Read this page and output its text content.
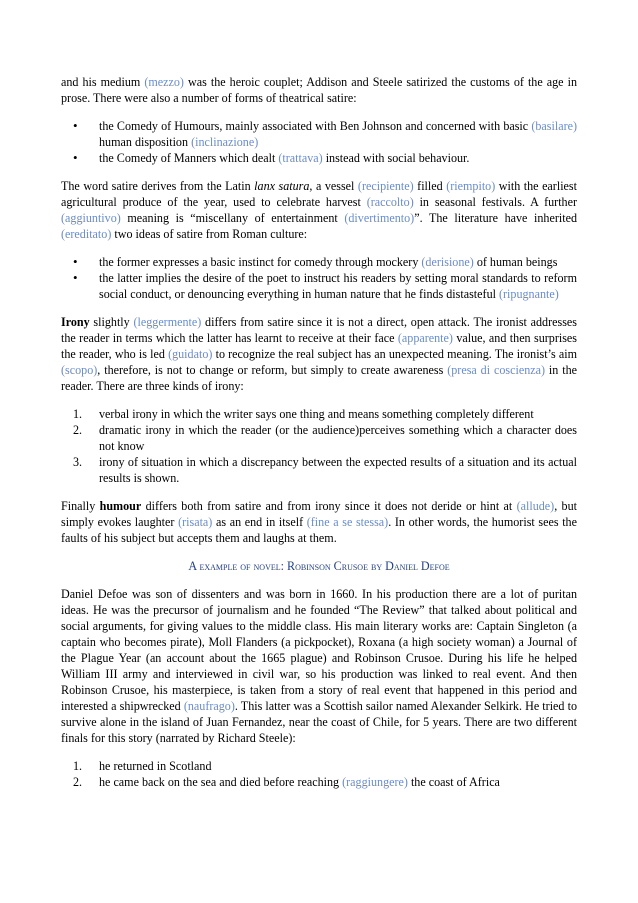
and his medium (mezzo) was the heroic couplet; Addison and Steele satirized the customs of the age in prose. There were also a number of forms of theatrical satire:

• the Comedy of Humours, mainly associated with Ben Johnson and concerned with basic (basilare) human disposition (inclinazione)
• the Comedy of Manners which dealt (trattava) instead with social behaviour.

The word satire derives from the Latin lanx satura, a vessel (recipiente) filled (riempito) with the earliest agricultural produce of the year, used to celebrate harvest (raccolto) in seasonal festivals. A further (aggiuntivo) meaning is “miscellany of entertainment (divertimento)”. The literature have inherited (ereditato) two ideas of satire from Roman culture:

• the former expresses a basic instinct for comedy through mockery (derisione) of human beings
• the latter implies the desire of the poet to instruct his readers by setting moral standards to reform social conduct, or denouncing everything in human nature that he finds distasteful (ripugnante)

Irony slightly (leggermente) differs from satire since it is not a direct, open attack. The ironist addresses the reader in terms which the latter has learnt to receive at their face (apparente) value, and then surprises the reader, who is led (guidato) to recognize the real subject has an unexpected meaning. The ironist’s aim (scopo), therefore, is not to change or reform, but simply to create awareness (presa di coscienza) in the reader. There are three kinds of irony:

1. verbal irony in which the writer says one thing and means something completely different
2. dramatic irony in which the reader (or the audience)perceives something which a character does not know
3. irony of situation in which a discrepancy between the expected results of a situation and its actual results is shown.

Finally humour differs both from satire and from irony since it does not deride or hint at (allude), but simply evokes laughter (risata) as an end in itself (fine a se stessa). In other words, the humorist sees the faults of his subject but accepts them and laughs at them.

A example of novel: Robinson Crusoe by Daniel Defoe

Daniel Defoe was son of dissenters and was born in 1660. In his production there are a lot of puritan ideas. He was the precursor of journalism and he founded “The Review” that talked about political and social arguments, for giving values to the middle class. His main literary works are: Captain Singleton (a captain who becomes pirate), Moll Flanders (a pickpocket), Roxana (a high society woman) a Journal of the Plague Year (an account about the 1665 plague) and Robinson Crusoe. During his life he helped William III army and interviewed in civil war, so his production was linked to real event. And then Robinson Crusoe, his masterpiece, is taken from a story of real event that happened in this period and interested a shipwrecked (naufrago). This latter was a Scottish sailor named Alexander Selkirk. He tried to survive alone in the island of Juan Fernandez, near the coast of Chile, for 5 years. There are two different finals for this story (narrated by Richard Steele):

1. he returned in Scotland
2. he came back on the sea and died before reaching (raggiungere) the coast of Africa
